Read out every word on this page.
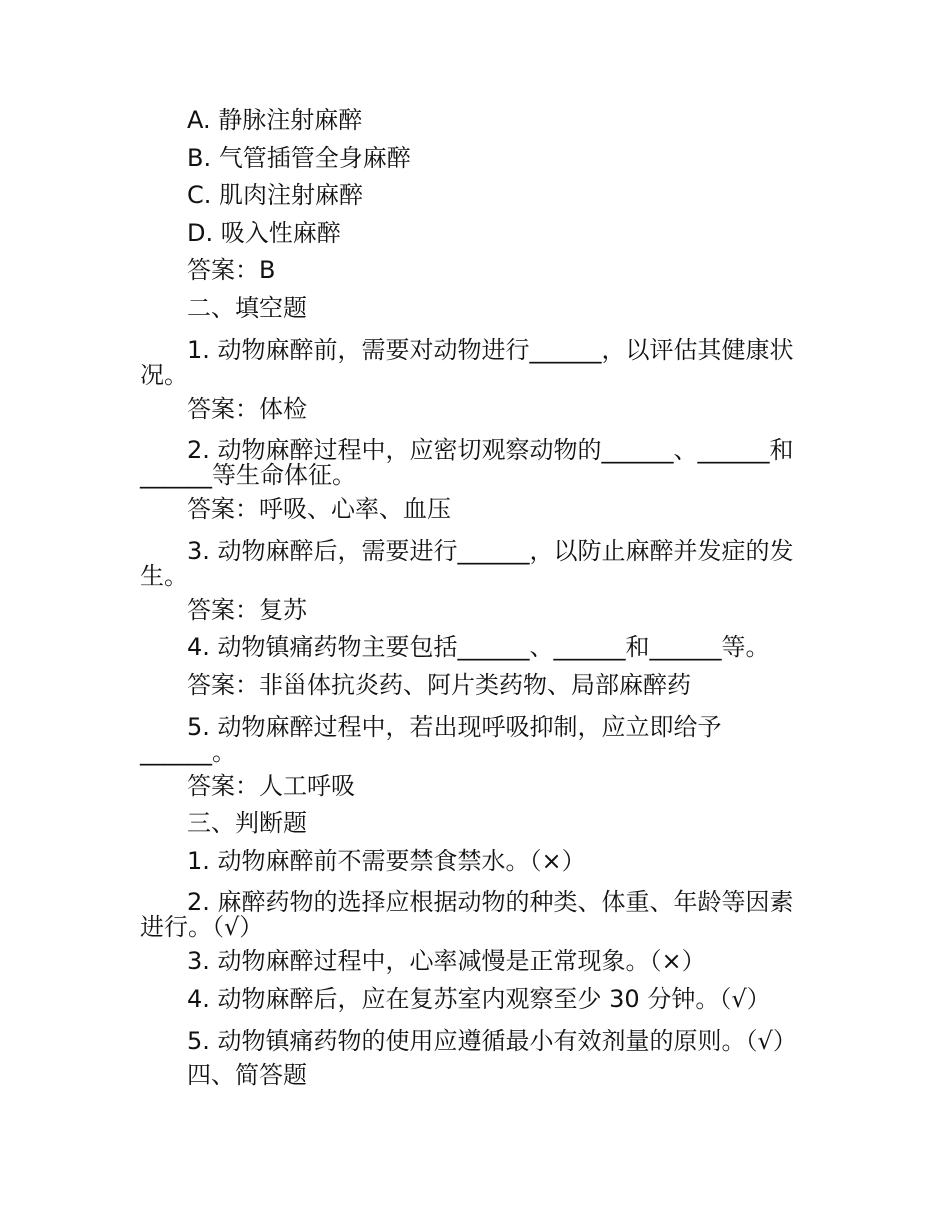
A. 静脉注射麻醉
B. 气管插管全身麻醉
C. 肌肉注射麻醉
D. 吸入性麻醉
答案：B
二、填空题
1. 动物麻醉前，需要对动物进行______，以评估其健康状况。
答案：体检
2. 动物麻醉过程中，应密切观察动物的______、______和______等生命体征。
答案：呼吸、心率、血压
3. 动物麻醉后，需要进行______，以防止麻醉并发症的发生。
答案：复苏
4. 动物镇痛药物主要包括______、______和______等。
答案：非甾体抗炎药、阿片类药物、局部麻醉药
5. 动物麻醉过程中，若出现呼吸抑制，应立即给予______。
答案：人工呼吸
三、判断题
1. 动物麻醉前不需要禁食禁水。（×）
2. 麻醉药物的选择应根据动物的种类、体重、年龄等因素进行。（√）
3. 动物麻醉过程中，心率减慢是正常现象。（×）
4. 动物麻醉后，应在复苏室内观察至少 30 分钟。（√）
5. 动物镇痛药物的使用应遵循最小有效剂量的原则。（√）
四、简答题
